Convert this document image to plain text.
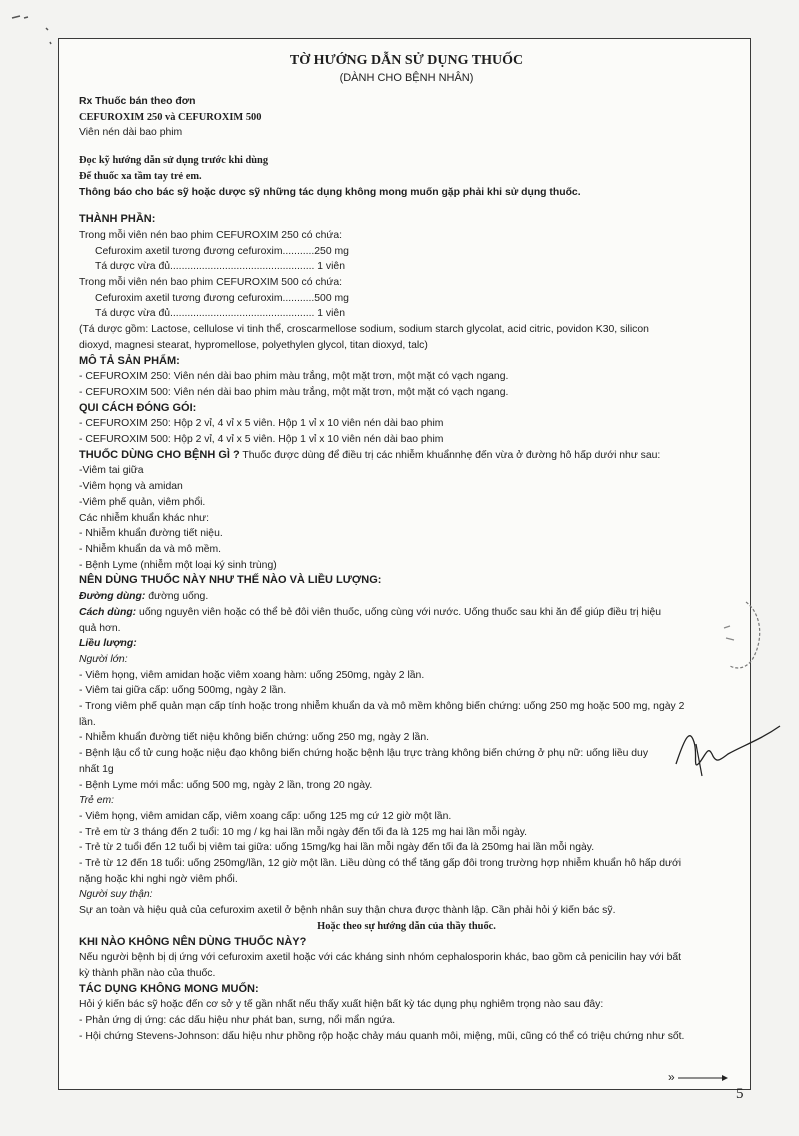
TỜ HƯỚNG DẪN SỬ DỤNG THUỐC
(DÀNH CHO BỆNH NHÂN)
Rx Thuốc bán theo đơn
CEFUROXIM 250 và CEFUROXIM 500
Viên nén dài bao phim
Đọc kỹ hướng dẫn sử dụng trước khi dùng
Để thuốc xa tầm tay trẻ em.
Thông báo cho bác sỹ hoặc dược sỹ những tác dụng không mong muốn gặp phải khi sử dụng thuốc.
THÀNH PHẦN:
Trong mỗi viên nén bao phim CEFUROXIM 250 có chứa:
Cefuroxim axetil tương đương cefuroxim...........250 mg
Tá dược vừa đủ.................................................. 1 viên
Trong mỗi viên nén bao phim CEFUROXIM 500 có chứa:
Cefuroxim axetil tương đương cefuroxim...........500 mg
Tá dược vừa đủ.................................................. 1 viên
(Tá dược gồm: Lactose, cellulose vi tinh thể, croscarmellose sodium, sodium starch glycolat, acid citric, povidon K30, silicon
dioxyd, magnesi stearat, hypromellose, polyethylen glycol, titan dioxyd, talc)
MÔ TẢ SẢN PHẨM:
- CEFUROXIM 250: Viên nén dài bao phim màu trắng, một mặt trơn, một mặt có vạch ngang.
- CEFUROXIM 500: Viên nén dài bao phim màu trắng, một mặt trơn, một mặt có vạch ngang.
QUI CÁCH ĐÓNG GÓI:
- CEFUROXIM 250: Hộp 2 vỉ, 4 vỉ x 5 viên. Hộp 1 vỉ x 10 viên nén dài bao phim
- CEFUROXIM 500: Hộp 2 vỉ, 4 vỉ x 5 viên. Hộp 1 vỉ x 10 viên nén dài bao phim
THUỐC DÙNG CHO BỆNH GÌ ? Thuốc được dùng để điều trị các nhiễm khuẩnnhẹ đến vừa ở đường hô hấp dưới như sau:
-Viêm tai giữa
-Viêm họng và amidan
-Viêm phế quản, viêm phổi.
Các nhiễm khuẩn khác như:
- Nhiễm khuẩn đường tiết niệu.
- Nhiễm khuẩn da và mô mềm.
- Bệnh Lyme (nhiễm một loại ký sinh trùng)
NÊN DÙNG THUỐC NÀY NHƯ THẾ NÀO VÀ LIỀU LƯỢNG:
Đường dùng: đường uống.
Cách dùng: uống nguyên viên hoặc có thể bẻ đôi viên thuốc, uống cùng với nước. Uống thuốc sau khi ăn để giúp điều trị hiệu
quả hơn.
Liều lượng:
Người lớn:
- Viêm họng, viêm amidan hoặc viêm xoang hàm: uống 250mg, ngày 2 lần.
- Viêm tai giữa cấp: uống 500mg, ngày 2 lần.
- Trong viêm phế quản mạn cấp tính hoặc trong nhiễm khuẩn da và mô mềm không biến chứng: uống 250 mg hoặc 500 mg, ngày 2
lần.
- Nhiễm khuẩn đường tiết niệu không biến chứng: uống 250 mg, ngày 2 lần.
- Bệnh lậu cổ tử cung hoặc niệu đạo không biến chứng hoặc bệnh lậu trực tràng không biến chứng ở phụ nữ: uống liều duy
nhất 1g
- Bệnh Lyme mới mắc: uống 500 mg, ngày 2 lần, trong 20 ngày.
Trẻ em:
- Viêm họng, viêm amidan cấp, viêm xoang cấp: uống 125 mg cứ 12 giờ một lần.
- Trẻ em từ 3 tháng đến 2 tuổi: 10 mg / kg hai lần mỗi ngày đến tối đa là 125 mg hai lần mỗi ngày.
- Trẻ từ 2 tuổi đến 12 tuổi bị viêm tai giữa: uống 15mg/kg hai lần mỗi ngày đến tối đa là 250mg hai lần mỗi ngày.
- Trẻ từ 12 đến 18 tuổi: uống 250mg/lần, 12 giờ một lần. Liều dùng có thể tăng gấp đôi trong trường hợp nhiễm khuẩn hô hấp dưới
nặng hoặc khi nghi ngờ viêm phổi.
Người suy thận:
Sự an toàn và hiệu quả của cefuroxim axetil ở bệnh nhân suy thận chưa được thành lập. Cần phải hỏi ý kiến bác sỹ.
Hoặc theo sự hướng dẫn của thầy thuốc.
KHI NÀO KHÔNG NÊN DÙNG THUỐC NÀY?
Nếu người bệnh bị dị ứng với cefuroxim axetil hoặc với các kháng sinh nhóm cephalosporin khác, bao gồm cả penicilin hay với bất
kỳ thành phần nào của thuốc.
TÁC DỤNG KHÔNG MONG MUỐN:
Hỏi ý kiến bác sỹ hoặc đến cơ sở y tế gần nhất nếu thấy xuất hiện bất kỳ tác dụng phụ nghiêm trọng nào sau đây:
- Phản ứng dị ứng: các dấu hiệu như phát ban, sưng, nổi mẩn ngứa.
- Hội chứng Stevens-Johnson: dấu hiệu như phồng rộp hoặc chảy máu quanh môi, miệng, mũi, cũng có thể có triệu chứng như sốt.
»
5
